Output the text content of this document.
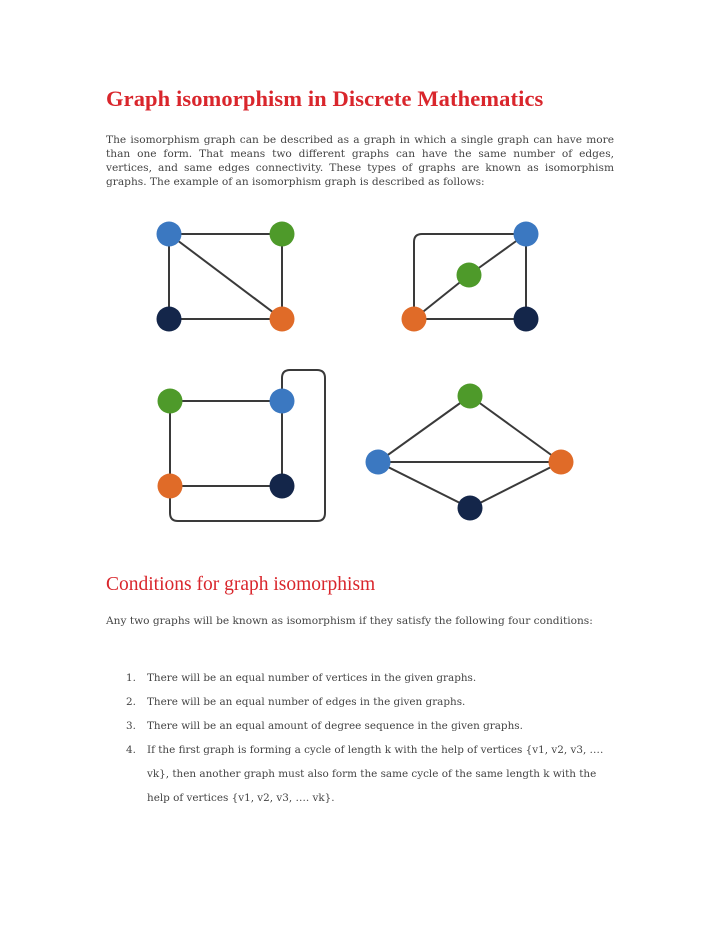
Graph isomorphism in Discrete Mathematics

The isomorphism graph can be described as a graph in which a single graph can have more than one form. That means two different graphs can have the same number of edges, vertices, and same edges connectivity. These types of graphs are known as isomorphism graphs. The example of an isomorphism graph is described as follows:

Conditions for graph isomorphism

Any two graphs will be known as isomorphism if they satisfy the following four conditions:

1. There will be an equal number of vertices in the given graphs.
2. There will be an equal number of edges in the given graphs.
3. There will be an equal amount of degree sequence in the given graphs.
4. If the first graph is forming a cycle of length k with the help of vertices {v1, v2, v3, …. vk}, then another graph must also form the same cycle of the same length k with the help of vertices {v1, v2, v3, …. vk}.
